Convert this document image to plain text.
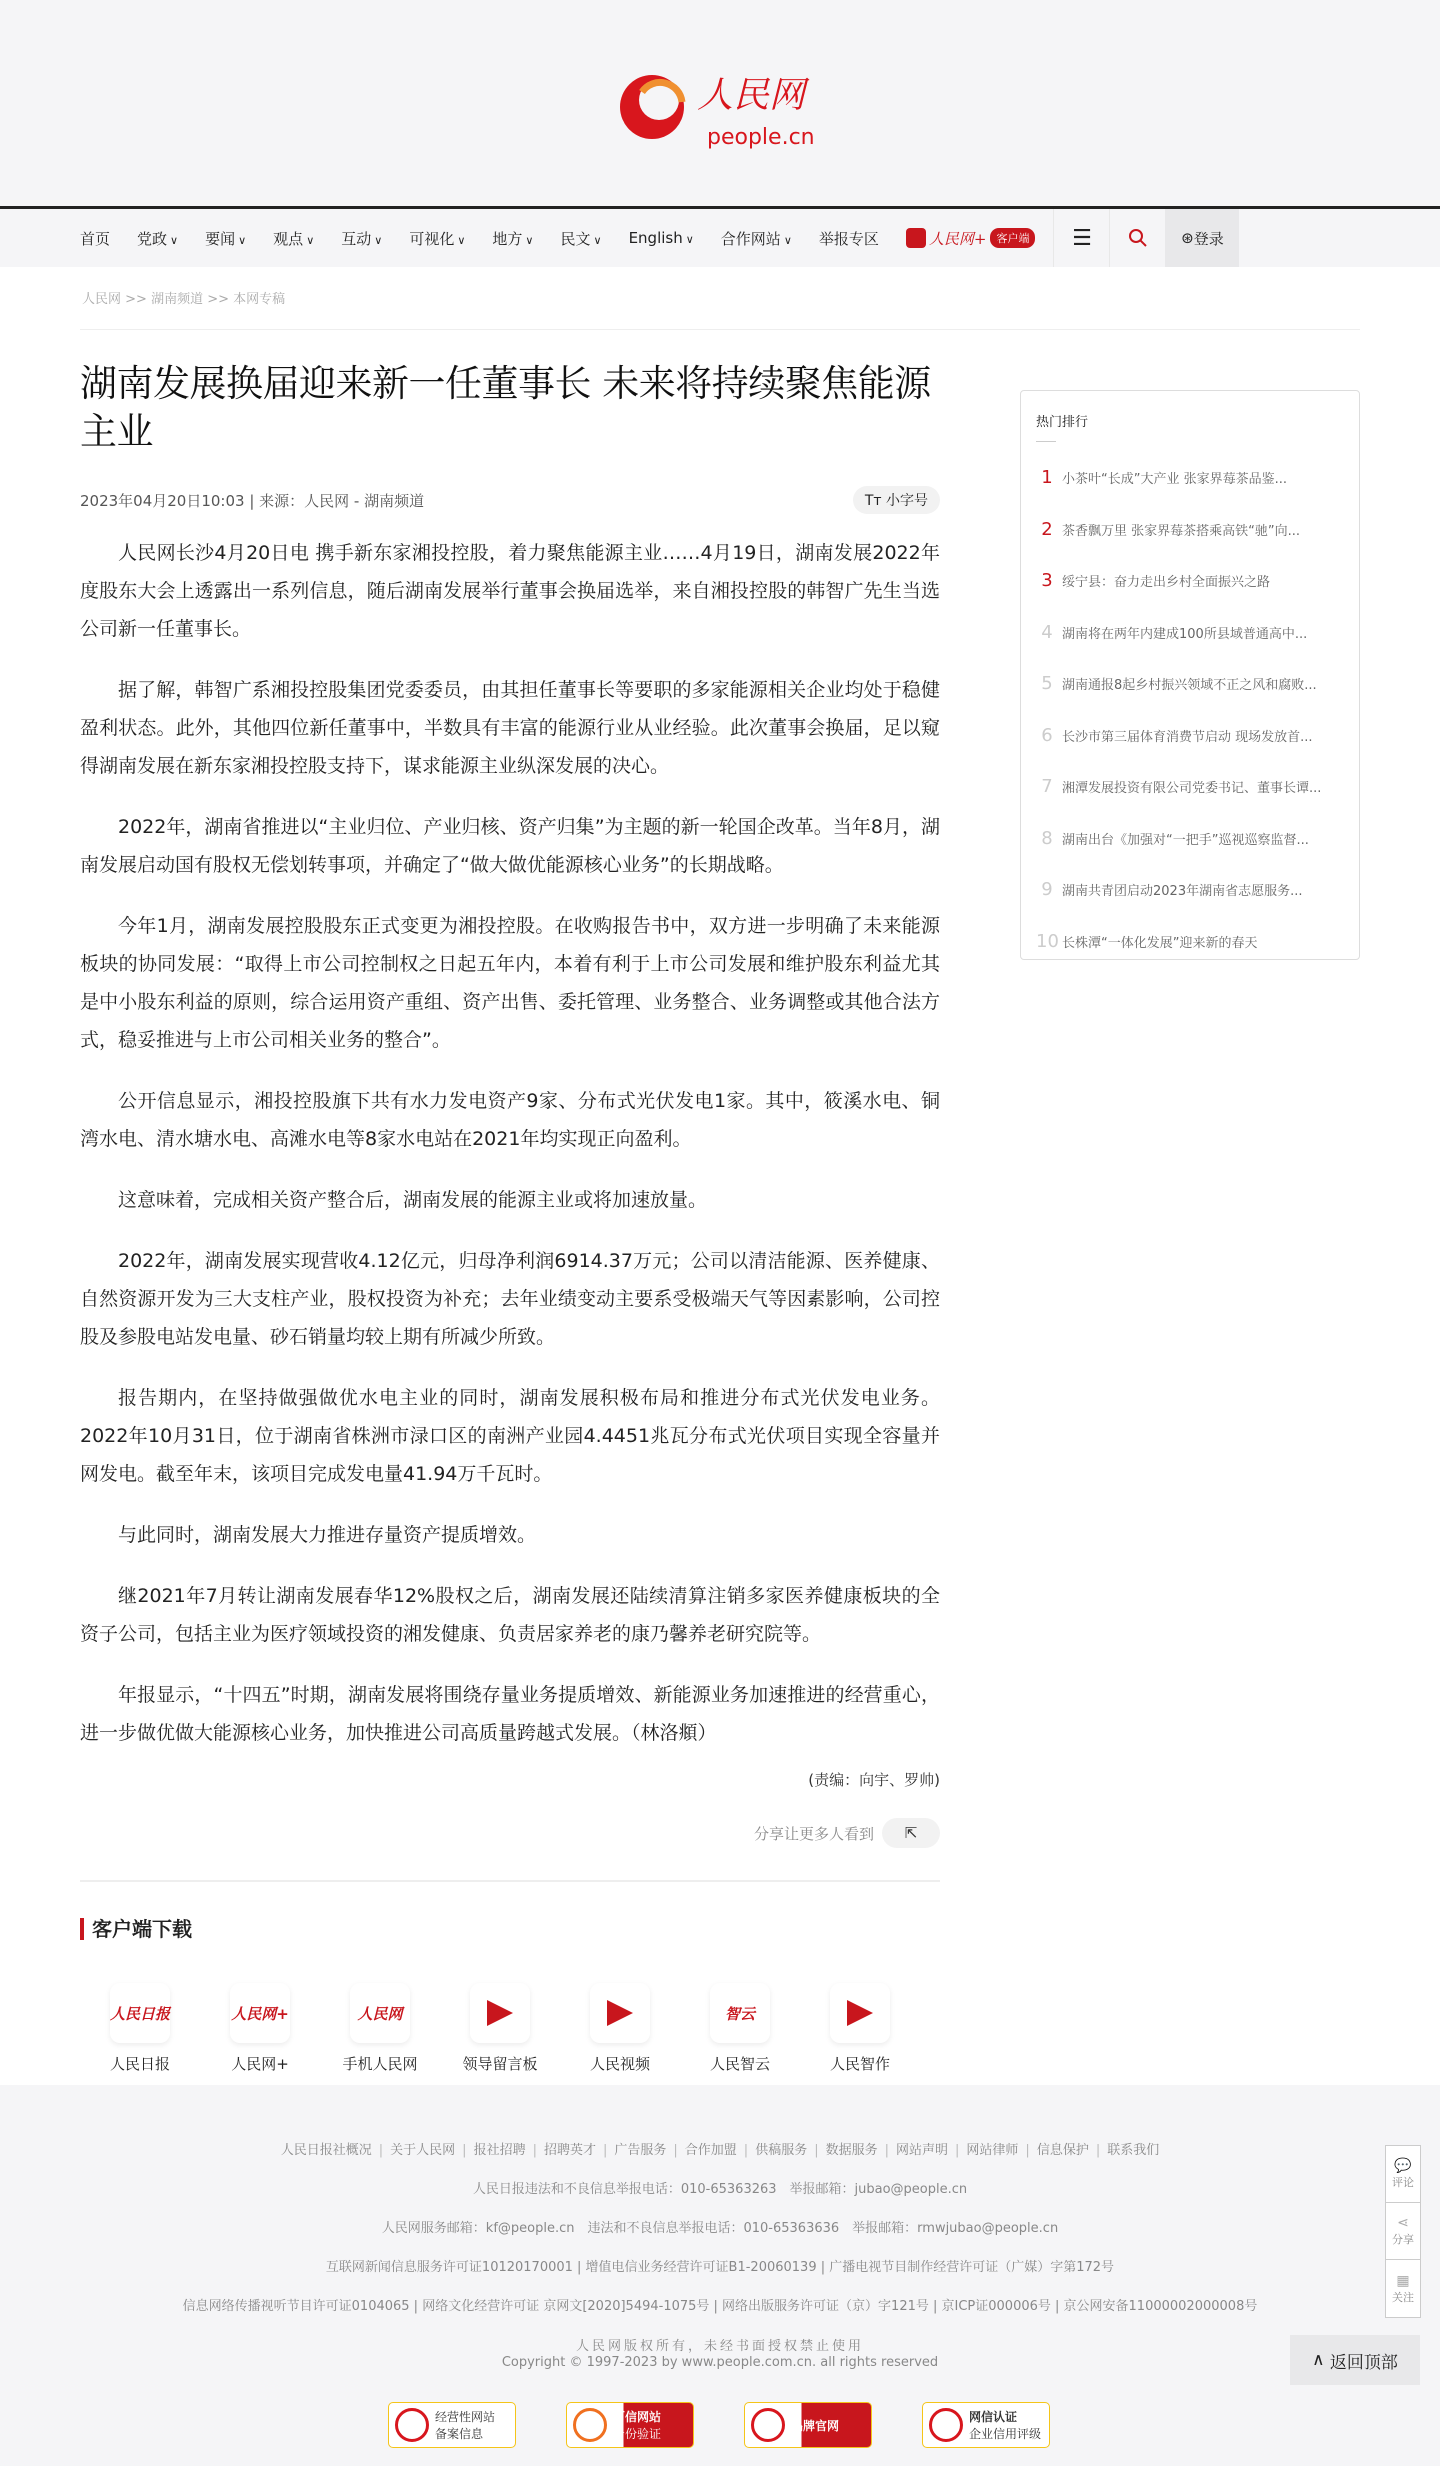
人民网
people.cn
首页 党政 ∨ 要闻 ∨ 观点 ∨ 互动 ∨ 可视化 ∨ 地方 ∨ 民文 ∨ English ∨ 合作网站 ∨ 举报专区	人民网+ 客户端 ☰	⊛ 登录
人民网 >> 湖南频道 >> 本网专稿
湖南发展换届迎来新一任董事长 未来将持续聚焦能源主业
2023年04月20日10:03 | 来源：人民网 - 湖南频道	Tт 小字号

人民网长沙4月20日电 携手新东家湘投控股，着力聚焦能源主业……4月19日，湖南发展2022年度股东大会上透露出一系列信息，随后湖南发展举行董事会换届选举，来自湘投控股的韩智广先生当选公司新一任董事长。

据了解，韩智广系湘投控股集团党委委员，由其担任董事长等要职的多家能源相关企业均处于稳健盈利状态。此外，其他四位新任董事中，半数具有丰富的能源行业从业经验。此次董事会换届，足以窥得湖南发展在新东家湘投控股支持下，谋求能源主业纵深发展的决心。

2022年，湖南省推进以“主业归位、产业归核、资产归集”为主题的新一轮国企改革。当年8月，湖南发展启动国有股权无偿划转事项，并确定了“做大做优能源核心业务”的长期战略。

今年1月，湖南发展控股股东正式变更为湘投控股。在收购报告书中，双方进一步明确了未来能源板块的协同发展：“取得上市公司控制权之日起五年内，本着有利于上市公司发展和维护股东利益尤其是中小股东利益的原则，综合运用资产重组、资产出售、委托管理、业务整合、业务调整或其他合法方式，稳妥推进与上市公司相关业务的整合”。

公开信息显示，湘投控股旗下共有水力发电资产9家、分布式光伏发电1家。其中，筱溪水电、铜湾水电、清水塘水电、高滩水电等8家水电站在2021年均实现正向盈利。

这意味着，完成相关资产整合后，湖南发展的能源主业或将加速放量。

2022年，湖南发展实现营收4.12亿元，归母净利润6914.37万元；公司以清洁能源、医养健康、自然资源开发为三大支柱产业，股权投资为补充；去年业绩变动主要系受极端天气等因素影响，公司控股及参股电站发电量、砂石销量均较上期有所减少所致。

报告期内，在坚持做强做优水电主业的同时，湖南发展积极布局和推进分布式光伏发电业务。2022年10月31日，位于湖南省株洲市渌口区的南洲产业园4.4451兆瓦分布式光伏项目实现全容量并网发电。截至年末，该项目完成发电量41.94万千瓦时。

与此同时，湖南发展大力推进存量资产提质增效。

继2021年7月转让湖南发展春华12%股权之后，湖南发展还陆续清算注销多家医养健康板块的全资子公司，包括主业为医疗领域投资的湘发健康、负责居家养老的康乃馨养老研究院等。

年报显示，“十四五”时期，湖南发展将围绕存量业务提质增效、新能源业务加速推进的经营重心，进一步做优做大能源核心业务，加快推进公司高质量跨越式发展。（林洛頫）

(责编：向宇、罗帅)
分享让更多人看到 ⇱
客户端下载
人民日报
人民日报
人民网+
人民网+
人民网
手机人民网	领导留言板	人民视频
智云
人民智云	人民智作
热门排行
1 小茶叶“长成”大产业 张家界莓茶品鉴...
2 茶香飘万里 张家界莓茶搭乘高铁“驰”向...
3 绥宁县：奋力走出乡村全面振兴之路
4 湖南将在两年内建成100所县域普通高中...
5 湖南通报8起乡村振兴领域不正之风和腐败...
6 长沙市第三届体育消费节启动 现场发放首...
7 湘潭发展投资有限公司党委书记、董事长谭...
8 湖南出台《加强对“一把手”巡视巡察监督...
9 湖南共青团启动2023年湖南省志愿服务...
10 长株潭“一体化发展”迎来新的春天
人民日报社概况 | 关于人民网 | 报社招聘 | 招聘英才 | 广告服务 | 合作加盟 | 供稿服务 | 数据服务 | 网站声明 | 网站律师 | 信息保护 | 联系我们
人民日报违法和不良信息举报电话：010-65363263　举报邮箱：jubao@people.cn
人民网服务邮箱：kf@people.cn　违法和不良信息举报电话：010-65363636　举报邮箱：rmwjubao@people.cn
互联网新闻信息服务许可证10120170001 | 增值电信业务经营许可证B1-20060139 | 广播电视节目制作经营许可证（广媒）字第172号
信息网络传播视听节目许可证0104065 | 网络文化经营许可证 京网文[2020]5494-1075号 | 网络出版服务许可证（京）字121号 | 京ICP证000006号 | 京公网安备11000002000008号
人民网版权所有，未经书面授权禁止使用
Copyright © 1997-2023 by www.people.com.cn. all rights reserved
经营性网站
备案信息
可信网站
身份验证
品牌官网
网信认证
企业信用评级
💬
评论
⋖
分享
▦
关注
∧ 返回顶部
